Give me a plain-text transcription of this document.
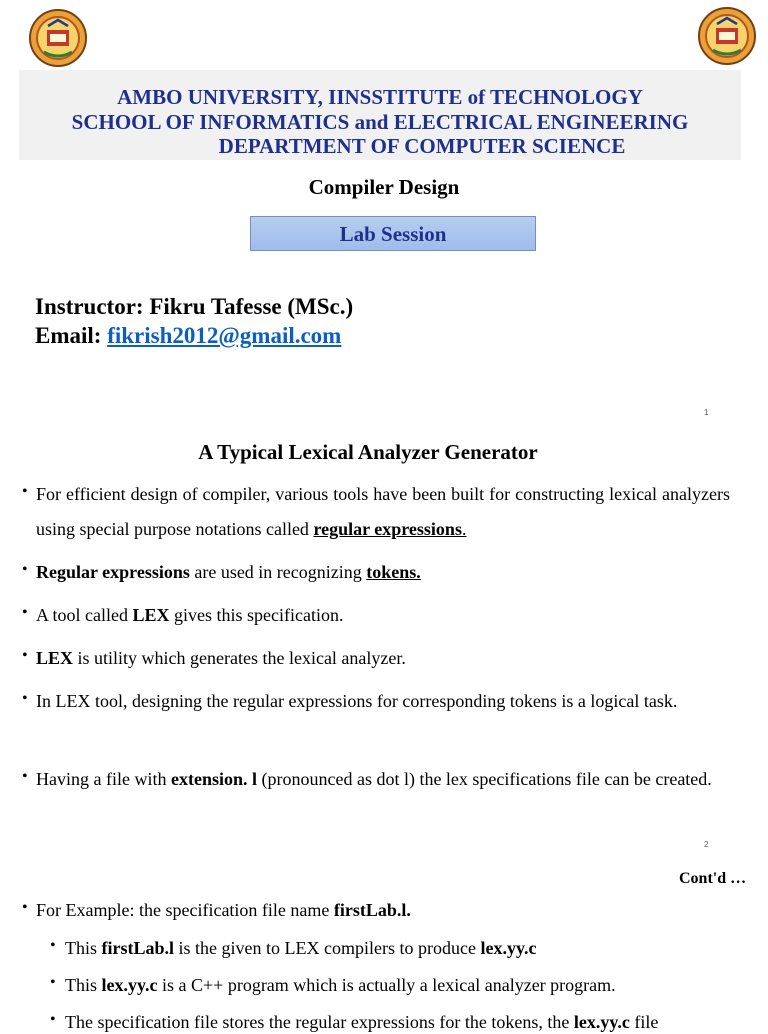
AMBO UNIVERSITY, IINSSTITUTE of TECHNOLOGY
SCHOOL OF INFORMATICS and ELECTRICAL ENGINEERING
DEPARTMENT OF COMPUTER SCIENCE
Compiler Design
Lab Session
Instructor: Fikru Tafesse (MSc.)
Email: fikrish2012@gmail.com
1
A Typical Lexical Analyzer Generator
• For efficient design of compiler, various tools have been built for constructing lexical analyzers using special purpose notations called regular expressions.
• Regular expressions are used in recognizing tokens.
• A tool called LEX gives this specification.
• LEX is utility which generates the lexical analyzer.
• In LEX tool, designing the regular expressions for corresponding tokens is a logical task.
• Having a file with extension. l (pronounced as dot l) the lex specifications file can be created.
2
Cont'd …
• For Example: the specification file name firstLab.l.
• This firstLab.l is the given to LEX compilers to produce lex.yy.c
• This lex.yy.c is a C++ program which is actually a lexical analyzer program.
• The specification file stores the regular expressions for the tokens, the lex.yy.c file
